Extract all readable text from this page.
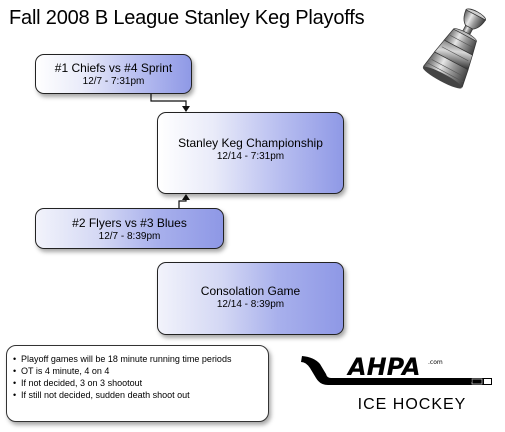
Fall 2008 B League Stanley Keg Playoffs
#1 Chiefs vs #4 Sprint
12/7 - 7:31pm
Stanley Keg Championship
12/14 - 7:31pm
#2 Flyers vs #3 Blues
12/7 - 8:39pm
Consolation Game
12/14 - 8:39pm
• Playoff games will be 18 minute running time periods
• OT is 4 minute, 4 on 4
• If not decided, 3 on 3 shootout
• If still not decided, sudden death shoot out
AHPA .com
LOUISVILLE ADULT HOCKEY PLAYERS ASSOCIATION
ICE HOCKEY
